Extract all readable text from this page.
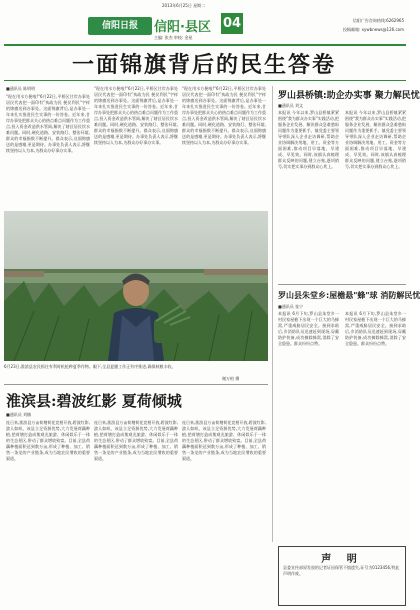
2013年6月25日 星期二
信阳日报	信阳·县区 04
主编: 张杰 审校: 金星
信阳广告咨询热线:6262965
投稿邮箱: xywbnews@126.com
一面锦旗背后的民生答卷
■通讯员 陈明明
"现在用水方便啦!"6月22日,平桥区甘岸办事处居民代表把一面印有"执政为民 便民利民"字样的锦旗送到办事处。这面锦旗背后,是办事处一年来扎实推进民生实事的一份答卷。近年来,甘岸办事处把群众关心的热点难点问题作为工作重点,投入资金改造供水管网,解决了辖区居民饮水难问题。同时,硬化道路、安装路灯、整治环境,群众的幸福指数不断提升。群众表示,这面锦旗送的是感谢,更是期待。办事处负责人表示,将继续坚持以人为本,为群众办好事办实事。
"现在用水方便啦!"6月22日,平桥区甘岸办事处居民代表把一面印有"执政为民 便民利民"字样的锦旗送到办事处。这面锦旗背后,是办事处一年来扎实推进民生实事的一份答卷。近年来,甘岸办事处把群众关心的热点难点问题作为工作重点,投入资金改造供水管网,解决了辖区居民饮水难问题。同时,硬化道路、安装路灯、整治环境,群众的幸福指数不断提升。群众表示,这面锦旗送的是感谢,更是期待。办事处负责人表示,将继续坚持以人为本,为群众办好事办实事。
"现在用水方便啦!"6月22日,平桥区甘岸办事处居民代表把一面印有"执政为民 便民利民"字样的锦旗送到办事处。这面锦旗背后,是办事处一年来扎实推进民生实事的一份答卷。近年来,甘岸办事处把群众关心的热点难点问题作为工作重点,投入资金改造供水管网,解决了辖区居民饮水难问题。同时,硬化道路、安装路灯、整治环境,群众的幸福指数不断提升。群众表示,这面锦旗送的是感谢,更是期待。办事处负责人表示,将继续坚持以人为本,为群众办好事办实事。
6月23日,淮滨县农民抓住有利时机抢种夏季作物。眼下,全县夏播工作正有序推进,确保秋粮丰收。
谢万柏 摄
罗山县桥镇:助企办实事 聚力解民忧
■通讯员 刘文
本报讯 今年以来,罗山县桥镇紧紧围绕"我为群众办实事"实践活动,把服务企业发展、解决群众急难愁盼问题作为重要抓手。镇党委主要领导带队深入企业走访调研,帮助企业协调解决用地、用工、资金等方面困难,推动项目早落地、早建成、早见效。同时,该镇认真梳理群众反映的问题,建立台账,逐项销号,切实把实事办到群众心坎上。
本报讯 今年以来,罗山县桥镇紧紧围绕"我为群众办实事"实践活动,把服务企业发展、解决群众急难愁盼问题作为重要抓手。镇党委主要领导带队深入企业走访调研,帮助企业协调解决用地、用工、资金等方面困难,推动项目早落地、早建成、早见效。同时,该镇认真梳理群众反映的问题,建立台账,逐项销号,切实把实事办到群众心坎上。
罗山县朱堂乡:屋檐悬"蜂"球 消防解民忧
■通讯员 张宁
本报讯 6月下旬,罗山县朱堂乡一村民家屋檐下出现一个巨大的马蜂窝,严重威胁居民安全。接到求助后,乡消防队员迅速赶到现场,穿戴防护装备,成功摘除蜂窝,消除了安全隐患。群众纷纷点赞。
本报讯 6月下旬,罗山县朱堂乡一村民家屋檐下出现一个巨大的马蜂窝,严重威胁居民安全。接到求助后,乡消防队员迅速赶到现场,穿戴防护装备,成功摘除蜂窝,消除了安全隐患。群众纷纷点赞。
淮滨县:碧波红影 夏荷倾城
■通讯员 刘楠
连日来,淮滨县万亩荷塘荷花竞相开放,碧波红影,游人如织。该县立足资源优势,大力发展荷藕种植,把荷塘打造成集观光旅游、休闲娱乐于一体的生态景区,带动了群众增收致富。目前,全县荷藕种植面积达到数万亩,形成了种植、加工、销售一条龙的产业链条,成为当地农民增收的重要渠道。
连日来,淮滨县万亩荷塘荷花竞相开放,碧波红影,游人如织。该县立足资源优势,大力发展荷藕种植,把荷塘打造成集观光旅游、休闲娱乐于一体的生态景区,带动了群众增收致富。目前,全县荷藕种植面积达到数万亩,形成了种植、加工、销售一条龙的产业链条,成为当地农民增收的重要渠道。
连日来,淮滨县万亩荷塘荷花竞相开放,碧波红影,游人如织。该县立足资源优势,大力发展荷藕种植,把荷塘打造成集观光旅游、休闲娱乐于一体的生态景区,带动了群众增收致富。目前,全县荷藕种植面积达到数万亩,形成了种植、加工、销售一条龙的产业链条,成为当地农民增收的重要渠道。
声 明
县委宣传部原发放的记者证因保管不慎遗失,证号为0123456,特此声明作废。
